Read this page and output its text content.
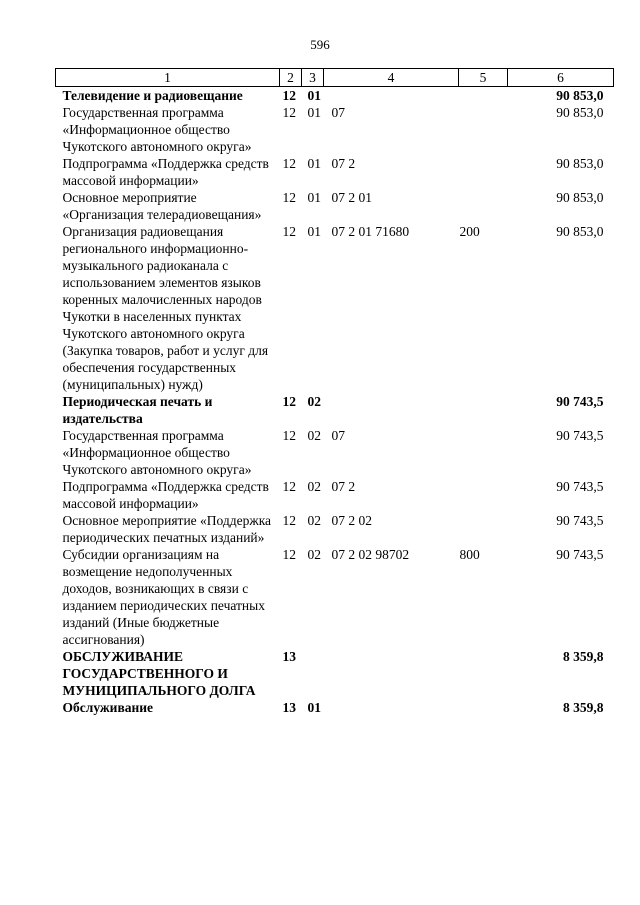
596
1	2	3	4	5	6
Телевидение и радиовещание	12	01			90 853,0
Государственная программа «Информационное общество Чукотского автономного округа»	12	01	07		90 853,0
Подпрограмма «Поддержка средств массовой информации»	12	01	07 2		90 853,0
Основное мероприятие «Организация телерадиовещания»	12	01	07 2 01		90 853,0
Организация радиовещания регионального информационно-музыкального радиоканала с использованием элементов языков коренных малочисленных народов Чукотки в населенных пунктах Чукотского автономного округа (Закупка товаров, работ и услуг для обеспечения государственных (муниципальных) нужд)	12	01	07 2 01 71680	200	90 853,0
Периодическая печать и издательства	12	02			90 743,5
Государственная программа «Информационное общество Чукотского автономного округа»	12	02	07		90 743,5
Подпрограмма «Поддержка средств массовой информации»	12	02	07 2		90 743,5
Основное мероприятие «Поддержка периодических печатных изданий»	12	02	07 2 02		90 743,5
Субсидии организациям на возмещение недополученных доходов, возникающих в связи с изданием периодических печатных изданий (Иные бюджетные ассигнования)	12	02	07 2 02 98702	800	90 743,5
ОБСЛУЖИВАНИЕ ГОСУДАРСТВЕННОГО И МУНИЦИПАЛЬНОГО ДОЛГА	13				8 359,8
Обслуживание	13	01			8 359,8
